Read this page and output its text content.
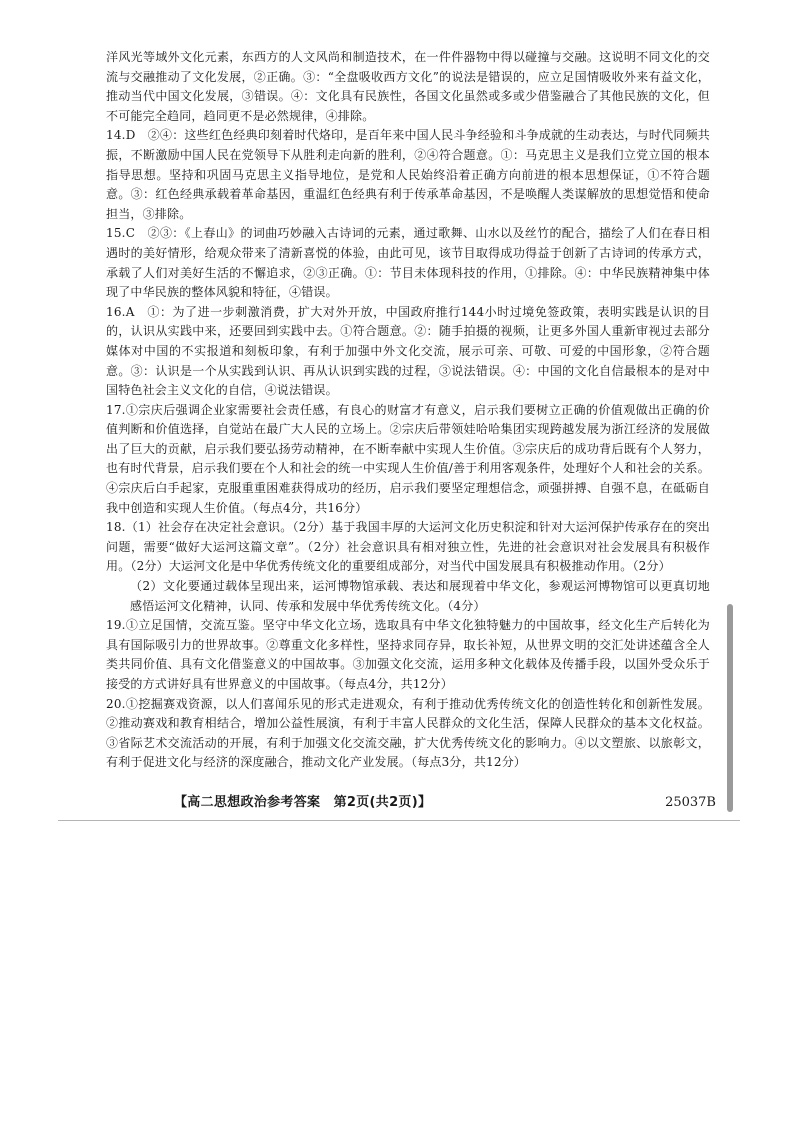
洋风光等域外文化元素，东西方的人文风尚和制造技术，在一件件器物中得以碰撞与交融。这说明不同文化的交流与交融推动了文化发展，②正确。③：“全盘吸收西方文化”的说法是错误的，应立足国情吸收外来有益文化，推动当代中国文化发展，③错误。④：文化具有民族性，各国文化虽然或多或少借鉴融合了其他民族的文化，但不可能完全趋同，趋同更不是必然规律，④排除。

14.D　②④：这些红色经典印刻着时代烙印，是百年来中国人民斗争经验和斗争成就的生动表达，与时代同频共振，不断激励中国人民在党领导下从胜利走向新的胜利，②④符合题意。①：马克思主义是我们立党立国的根本指导思想。坚持和巩固马克思主义指导地位，是党和人民始终沿着正确方向前进的根本思想保证，①不符合题意。③：红色经典承载着革命基因，重温红色经典有利于传承革命基因，不是唤醒人类谋解放的思想觉悟和使命担当，③排除。

15.C　②③：《上春山》的词曲巧妙融入古诗词的元素，通过歌舞、山水以及丝竹的配合，描绘了人们在春日相遇时的美好情形，给观众带来了清新喜悦的体验，由此可见，该节目取得成功得益于创新了古诗词的传承方式，承载了人们对美好生活的不懈追求，②③正确。①：节目未体现科技的作用，①排除。④：中华民族精神集中体现了中华民族的整体风貌和特征，④错误。

16.A　①：为了进一步刺激消费，扩大对外开放，中国政府推行144小时过境免签政策，表明实践是认识的目的，认识从实践中来，还要回到实践中去。①符合题意。②：随手拍摄的视频，让更多外国人重新审视过去部分媒体对中国的不实报道和刻板印象，有利于加强中外文化交流，展示可亲、可敬、可爱的中国形象，②符合题意。③：认识是一个从实践到认识、再从认识到实践的过程，③说法错误。④：中国的文化自信最根本的是对中国特色社会主义文化的自信，④说法错误。

17.①宗庆后强调企业家需要社会责任感，有良心的财富才有意义，启示我们要树立正确的价值观做出正确的价值判断和价值选择，自觉站在最广大人民的立场上。②宗庆后带领娃哈哈集团实现跨越发展为浙江经济的发展做出了巨大的贡献，启示我们要弘扬劳动精神，在不断奉献中实现人生价值。③宗庆后的成功背后既有个人努力，也有时代背景，启示我们要在个人和社会的统一中实现人生价值/善于利用客观条件，处理好个人和社会的关系。④宗庆后白手起家，克服重重困难获得成功的经历，启示我们要坚定理想信念，顽强拼搏、自强不息，在砥砺自我中创造和实现人生价值。（每点4分，共16分）

18.（1）社会存在决定社会意识。（2分）基于我国丰厚的大运河文化历史积淀和针对大运河保护传承存在的突出问题，需要“做好大运河这篇文章”。（2分）社会意识具有相对独立性，先进的社会意识对社会发展具有积极作用。（2分）大运河文化是中华优秀传统文化的重要组成部分，对当代中国发展具有积极推动作用。（2分）

（2）文化要通过载体呈现出来，运河博物馆承载、表达和展现着中华文化，参观运河博物馆可以更真切地感悟运河文化精神，认同、传承和发展中华优秀传统文化。（4分）

19.①立足国情，交流互鉴。坚守中华文化立场，选取具有中华文化独特魅力的中国故事，经文化生产后转化为具有国际吸引力的世界故事。②尊重文化多样性，坚持求同存异，取长补短，从世界文明的交汇处讲述蕴含全人类共同价值、具有文化借鉴意义的中国故事。③加强文化交流，运用多种文化载体及传播手段，以国外受众乐于接受的方式讲好具有世界意义的中国故事。（每点4分，共12分）

20.①挖掘赛戏资源，以人们喜闻乐见的形式走进观众，有利于推动优秀传统文化的创造性转化和创新性发展。②推动赛戏和教育相结合，增加公益性展演，有利于丰富人民群众的文化生活，保障人民群众的基本文化权益。③省际艺术交流活动的开展，有利于加强文化交流交融，扩大优秀传统文化的影响力。④以文塑旅、以旅彰文，有利于促进文化与经济的深度融合，推动文化产业发展。（每点3分，共12分）

【高二思想政治参考答案　第2页(共2页)】	25037B
